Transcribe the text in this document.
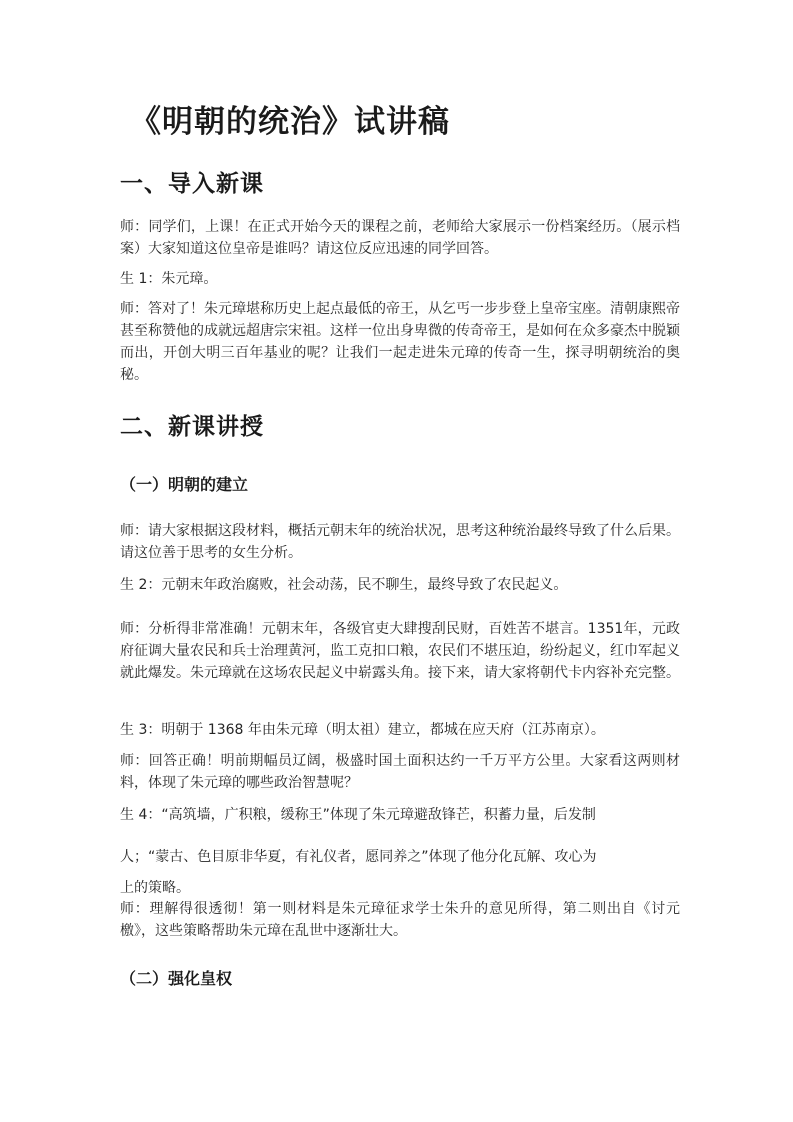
《明朝的统治》试讲稿
一、导入新课
师：同学们，上课！在正式开始今天的课程之前，老师给大家展示一份档案经历。（展示档案）大家知道这位皇帝是谁吗？请这位反应迅速的同学回答。
生 1：朱元璋。
师：答对了！朱元璋堪称历史上起点最低的帝王，从乞丐一步步登上皇帝宝座。清朝康熙帝甚至称赞他的成就远超唐宗宋祖。这样一位出身卑微的传奇帝王，是如何在众多豪杰中脱颖而出，开创大明三百年基业的呢？让我们一起走进朱元璋的传奇一生，探寻明朝统治的奥秘。
二、新课讲授
（一）明朝的建立
师：请大家根据这段材料，概括元朝末年的统治状况，思考这种统治最终导致了什么后果。请这位善于思考的女生分析。
生 2：元朝末年政治腐败，社会动荡，民不聊生，最终导致了农民起义。
师：分析得非常准确！元朝末年，各级官吏大肆搜刮民财，百姓苦不堪言。1351年，元政府征调大量农民和兵士治理黄河，监工克扣口粮，农民们不堪压迫，纷纷起义，红巾军起义就此爆发。朱元璋就在这场农民起义中崭露头角。接下来，请大家将朝代卡内容补充完整。
生 3：明朝于 1368 年由朱元璋（明太祖）建立，都城在应天府（江苏南京）。
师：回答正确！明前期幅员辽阔，极盛时国土面积达约一千万平方公里。大家看这两则材料，体现了朱元璋的哪些政治智慧呢？
生 4：“高筑墙，广积粮，缓称王”体现了朱元璋避敌锋芒，积蓄力量，后发制
人；“蒙古、色目原非华夏，有礼仪者，愿同养之”体现了他分化瓦解、攻心为
上的策略。
师：理解得很透彻！第一则材料是朱元璋征求学士朱升的意见所得，第二则出自《讨元檄》，这些策略帮助朱元璋在乱世中逐渐壮大。
（二）强化皇权
